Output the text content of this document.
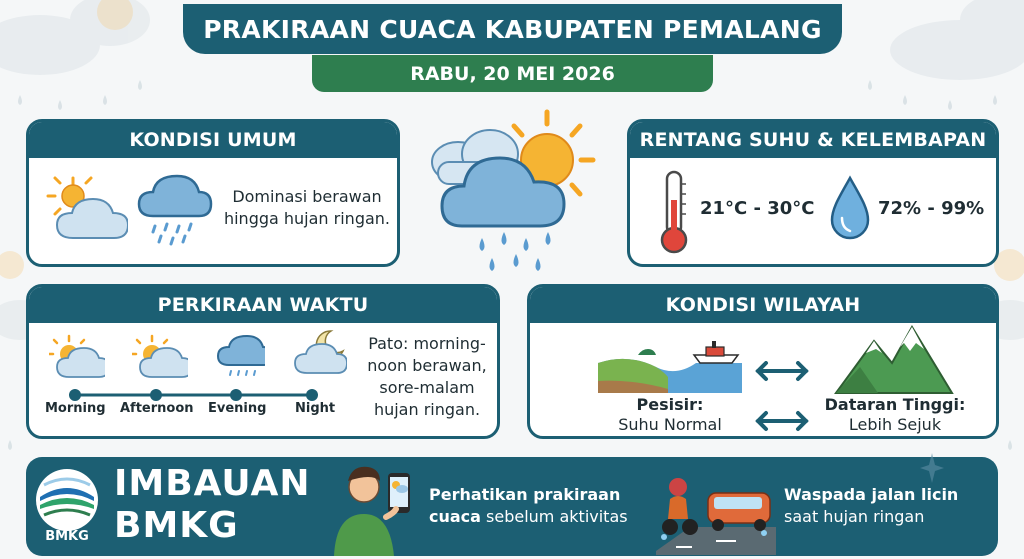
PRAKIRAAN CUACA KABUPATEN PEMALANG
RABU, 20 MEI 2026
KONDISI UMUM
Dominasi berawan
hingga hujan ringan.
RENTANG SUHU & KELEMBAPAN
21°C - 30°C	72% - 99%
PERKIRAAN WAKTU
Morning Afternoon Evening Night
Pato: morning-
noon berawan,
sore-malam
hujan ringan.
KONDISI WILAYAH
Pesisir:
Suhu Normal
Dataran Tinggi:
Lebih Sejuk
BMKG
IMBAUAN
BMKG
Perhatikan prakiraan
cuaca sebelum aktivitas
Waspada jalan licin
saat hujan ringan
